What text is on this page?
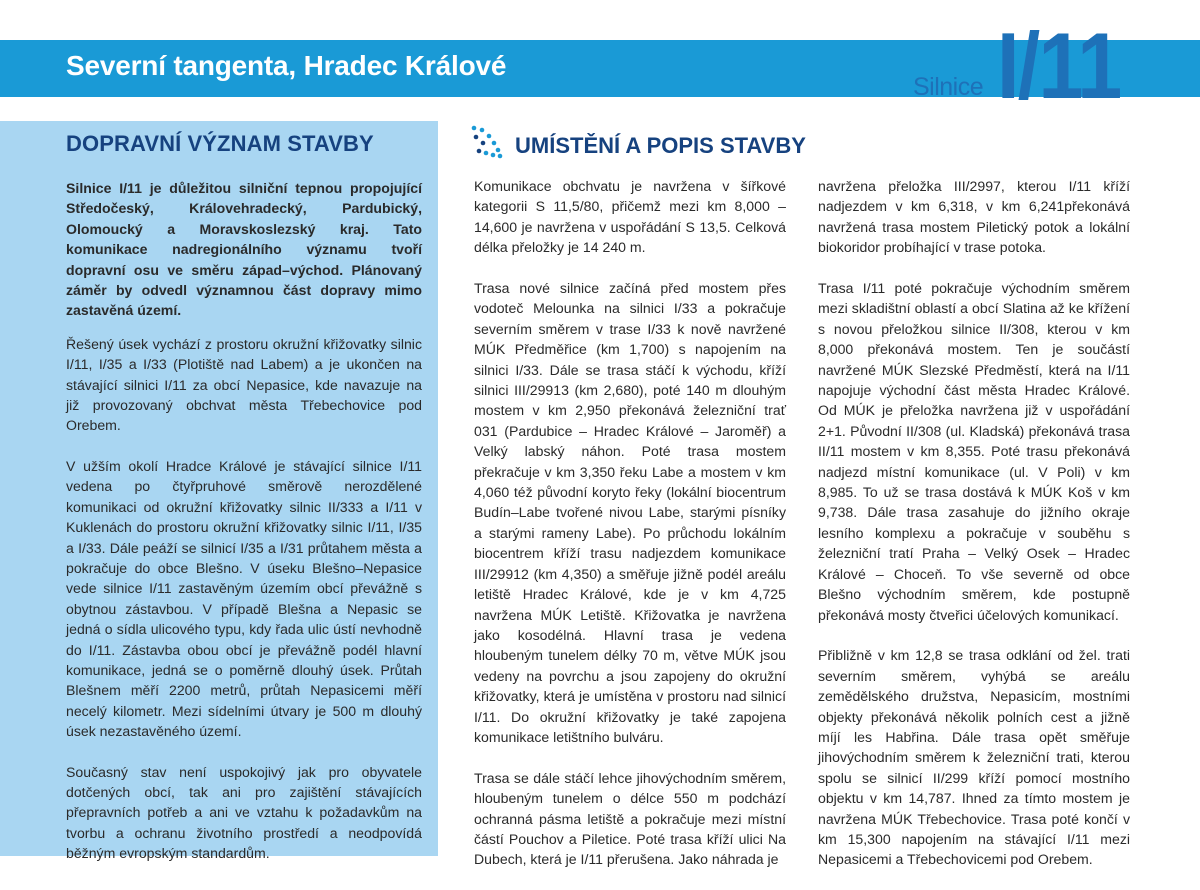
Severní tangenta, Hradec Králové
Silnice I/11
DOPRAVNÍ VÝZNAM STAVBY

Silnice I/11 je důležitou silniční tepnou propojující Středočeský, Královehradecký, Pardubický, Olomoucký a Moravskoslezský kraj. Tato komunikace nadregionálního významu tvoří dopravní osu ve směru západ–východ. Plánovaný záměr by odvedl významnou část dopravy mimo zastavěná území.

Řešený úsek vychází z prostoru okružní křižovatky silnic I/11, I/35 a I/33 (Plotiště nad Labem) a je ukončen na stávající silnici I/11 za obcí Nepasice, kde navazuje na již provozovaný obchvat města Třebechovice pod Orebem.

V užším okolí Hradce Králové je stávající silnice I/11 vedena po čtyřpruhové směrově nerozdělené komunikaci od okružní křižovatky silnic II/333 a I/11 v Kuklenách do prostoru okružní křižovatky silnic I/11, I/35 a I/33. Dále peáží se silnicí I/35 a I/31 průtahem města a pokračuje do obce Blešno. V úseku Blešno–Nepasice vede silnice I/11 zastavěným územím obcí převážně s obytnou zástavbou. V případě Blešna a Nepasic se jedná o sídla ulicového typu, kdy řada ulic ústí nevhodně do I/11. Zástavba obou obcí je převážně podél hlavní komunikace, jedná se o poměrně dlouhý úsek. Průtah Blešnem měří 2200 metrů, průtah Nepasicemi měří necelý kilometr. Mezi sídelními útvary je 500 m dlouhý úsek nezastavěného území.

Současný stav není uspokojivý jak pro obyvatele dotčených obcí, tak ani pro zajištění stávajících přepravních potřeb a ani ve vztahu k požadavkům na tvorbu a ochranu životního prostředí a neodpovídá běžným evropským standardům.

UMÍSTĚNÍ A POPIS STAVBY

Komunikace obchvatu je navržena v šířkové kategorii S 11,5/80, přičemž mezi km 8,000 – 14,600 je navržena v uspořádání S 13,5. Celková délka přeložky je 14 240 m.

Trasa nové silnice začíná před mostem přes vodoteč Melounka na silnici I/33 a pokračuje severním směrem v trase I/33 k nově navržené MÚK Předměřice (km 1,700) s napojením na silnici I/33. Dále se trasa stáčí k východu, kříží silnici III/29913 (km 2,680), poté 140 m dlouhým mostem v km 2,950 překonává železniční trať 031 (Pardubice – Hradec Králové – Jaroměř) a Velký labský náhon. Poté trasa mostem překračuje v km 3,350 řeku Labe a mostem v km 4,060 též původní koryto řeky (lokální biocentrum Budín–Labe tvořené nivou Labe, starými písníky a starými rameny Labe). Po průchodu lokálním biocentrem kříží trasu nadjezdem komunikace III/29912 (km 4,350) a směřuje jižně podél areálu letiště Hradec Králové, kde je v km 4,725 navržena MÚK Letiště. Křižovatka je navržena jako kosodélná. Hlavní trasa je vedena hloubeným tunelem délky 70 m, větve MÚK jsou vedeny na povrchu a jsou zapojeny do okružní křižovatky, která je umístěna v prostoru nad silnicí I/11. Do okružní křižovatky je také zapojena komunikace letištního bulváru.

Trasa se dále stáčí lehce jihovýchodním směrem, hloubeným tunelem o délce 550 m podchází ochranná pásma letiště a pokračuje mezi místní částí Pouchov a Piletice. Poté trasa kříží ulici Na Dubech, která je I/11 přerušena. Jako náhrada je

navržena přeložka III/2997, kterou I/11 kříží nadjezdem v km 6,318, v km 6,241překonává navržená trasa mostem Piletický potok a lokální biokoridor probíhající v trase potoka.

Trasa I/11 poté pokračuje východním směrem mezi skladištní oblastí a obcí Slatina až ke křížení s novou přeložkou silnice II/308, kterou v km 8,000 překonává mostem. Ten je součástí navržené MÚK Slezské Předměstí, která na I/11 napojuje východní část města Hradec Králové. Od MÚK je přeložka navržena již v uspořádání 2+1. Původní II/308 (ul. Kladská) překonává trasa II/11 mostem v km 8,355. Poté trasu překonává nadjezd místní komunikace (ul. V Poli) v km 8,985. To už se trasa dostává k MÚK Koš v km 9,738. Dále trasa zasahuje do jižního okraje lesního komplexu a pokračuje v souběhu s železniční tratí Praha – Velký Osek – Hradec Králové – Choceň. To vše severně od obce Blešno východním směrem, kde postupně překonává mosty čtveřici účelových komunikací.

Přibližně v km 12,8 se trasa odklání od žel. trati severním směrem, vyhýbá se areálu zemědělského družstva, Nepasicím, mostními objekty překonává několik polních cest a jižně míjí les Habřina. Dále trasa opět směřuje jihovýchodním směrem k železniční trati, kterou spolu se silnicí II/299 kříží pomocí mostního objektu v km 14,787. Ihned za tímto mostem je navržena MÚK Třebechovice. Trasa poté končí v km 15,300 napojením na stávající I/11 mezi Nepasicemi a Třebechovicemi pod Orebem.
